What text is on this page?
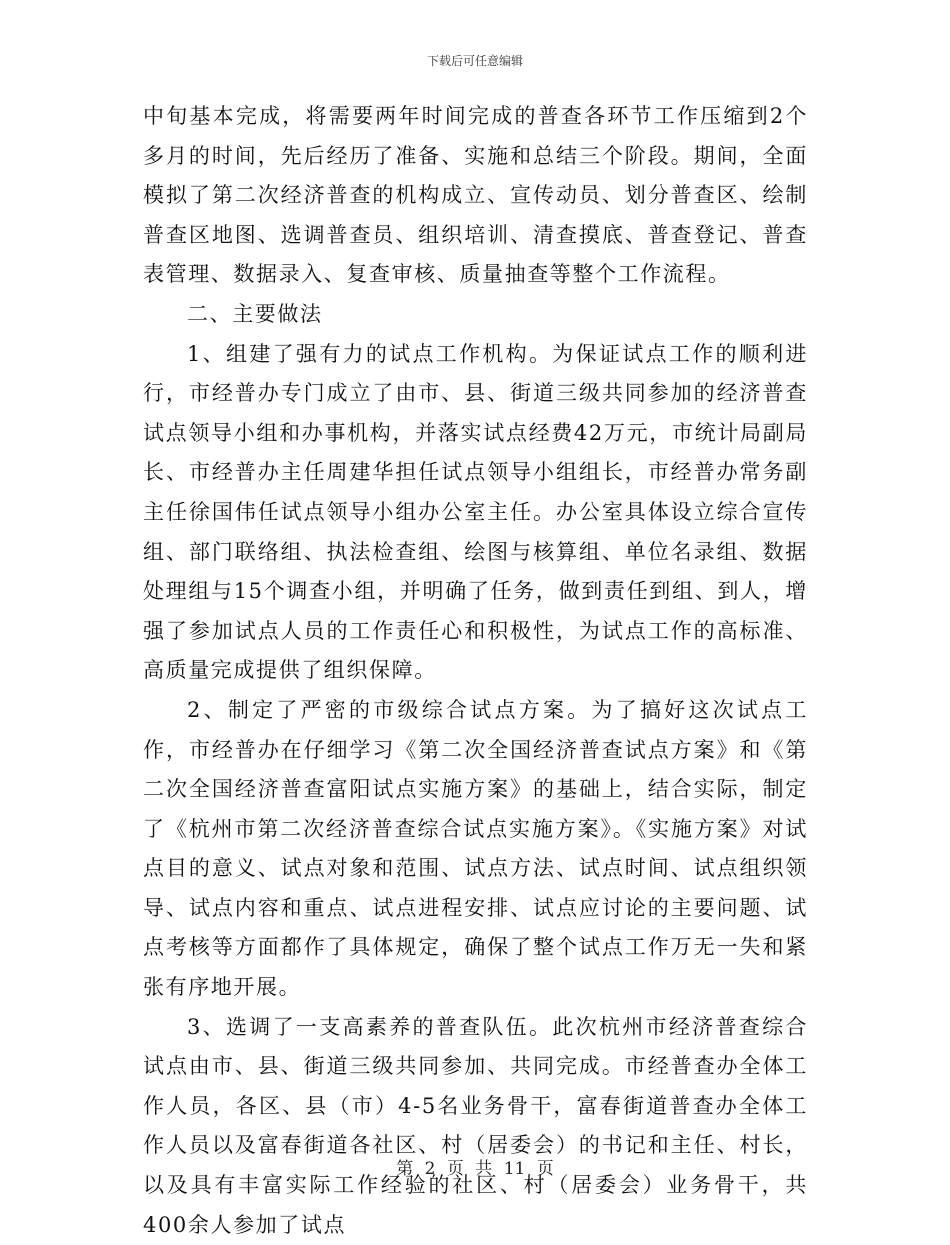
下载后可任意编辑

中旬基本完成，将需要两年时间完成的普查各环节工作压缩到2个多月的时间，先后经历了准备、实施和总结三个阶段。期间，全面模拟了第二次经济普查的机构成立、宣传动员、划分普查区、绘制普查区地图、选调普查员、组织培训、清查摸底、普查登记、普查表管理、数据录入、复查审核、质量抽查等整个工作流程。

二、主要做法

1、组建了强有力的试点工作机构。为保证试点工作的顺利进行，市经普办专门成立了由市、县、街道三级共同参加的经济普查试点领导小组和办事机构，并落实试点经费42万元，市统计局副局长、市经普办主任周建华担任试点领导小组组长，市经普办常务副主任徐国伟任试点领导小组办公室主任。办公室具体设立综合宣传组、部门联络组、执法检查组、绘图与核算组、单位名录组、数据处理组与15个调查小组，并明确了任务，做到责任到组、到人，增强了参加试点人员的工作责任心和积极性，为试点工作的高标准、高质量完成提供了组织保障。

2、制定了严密的市级综合试点方案。为了搞好这次试点工作，市经普办在仔细学习《第二次全国经济普查试点方案》和《第二次全国经济普查富阳试点实施方案》的基础上，结合实际，制定了《杭州市第二次经济普查综合试点实施方案》。《实施方案》对试点目的意义、试点对象和范围、试点方法、试点时间、试点组织领导、试点内容和重点、试点进程安排、试点应讨论的主要问题、试点考核等方面都作了具体规定，确保了整个试点工作万无一失和紧张有序地开展。

3、选调了一支高素养的普查队伍。此次杭州市经济普查综合试点由市、县、街道三级共同参加、共同完成。市经普查办全体工作人员，各区、县（市）4-5名业务骨干，富春街道普查办全体工作人员以及富春街道各社区、村（居委会）的书记和主任、村长，以及具有丰富实际工作经验的社区、村（居委会）业务骨干，共400余人参加了试点

第 2 页 共 11 页
